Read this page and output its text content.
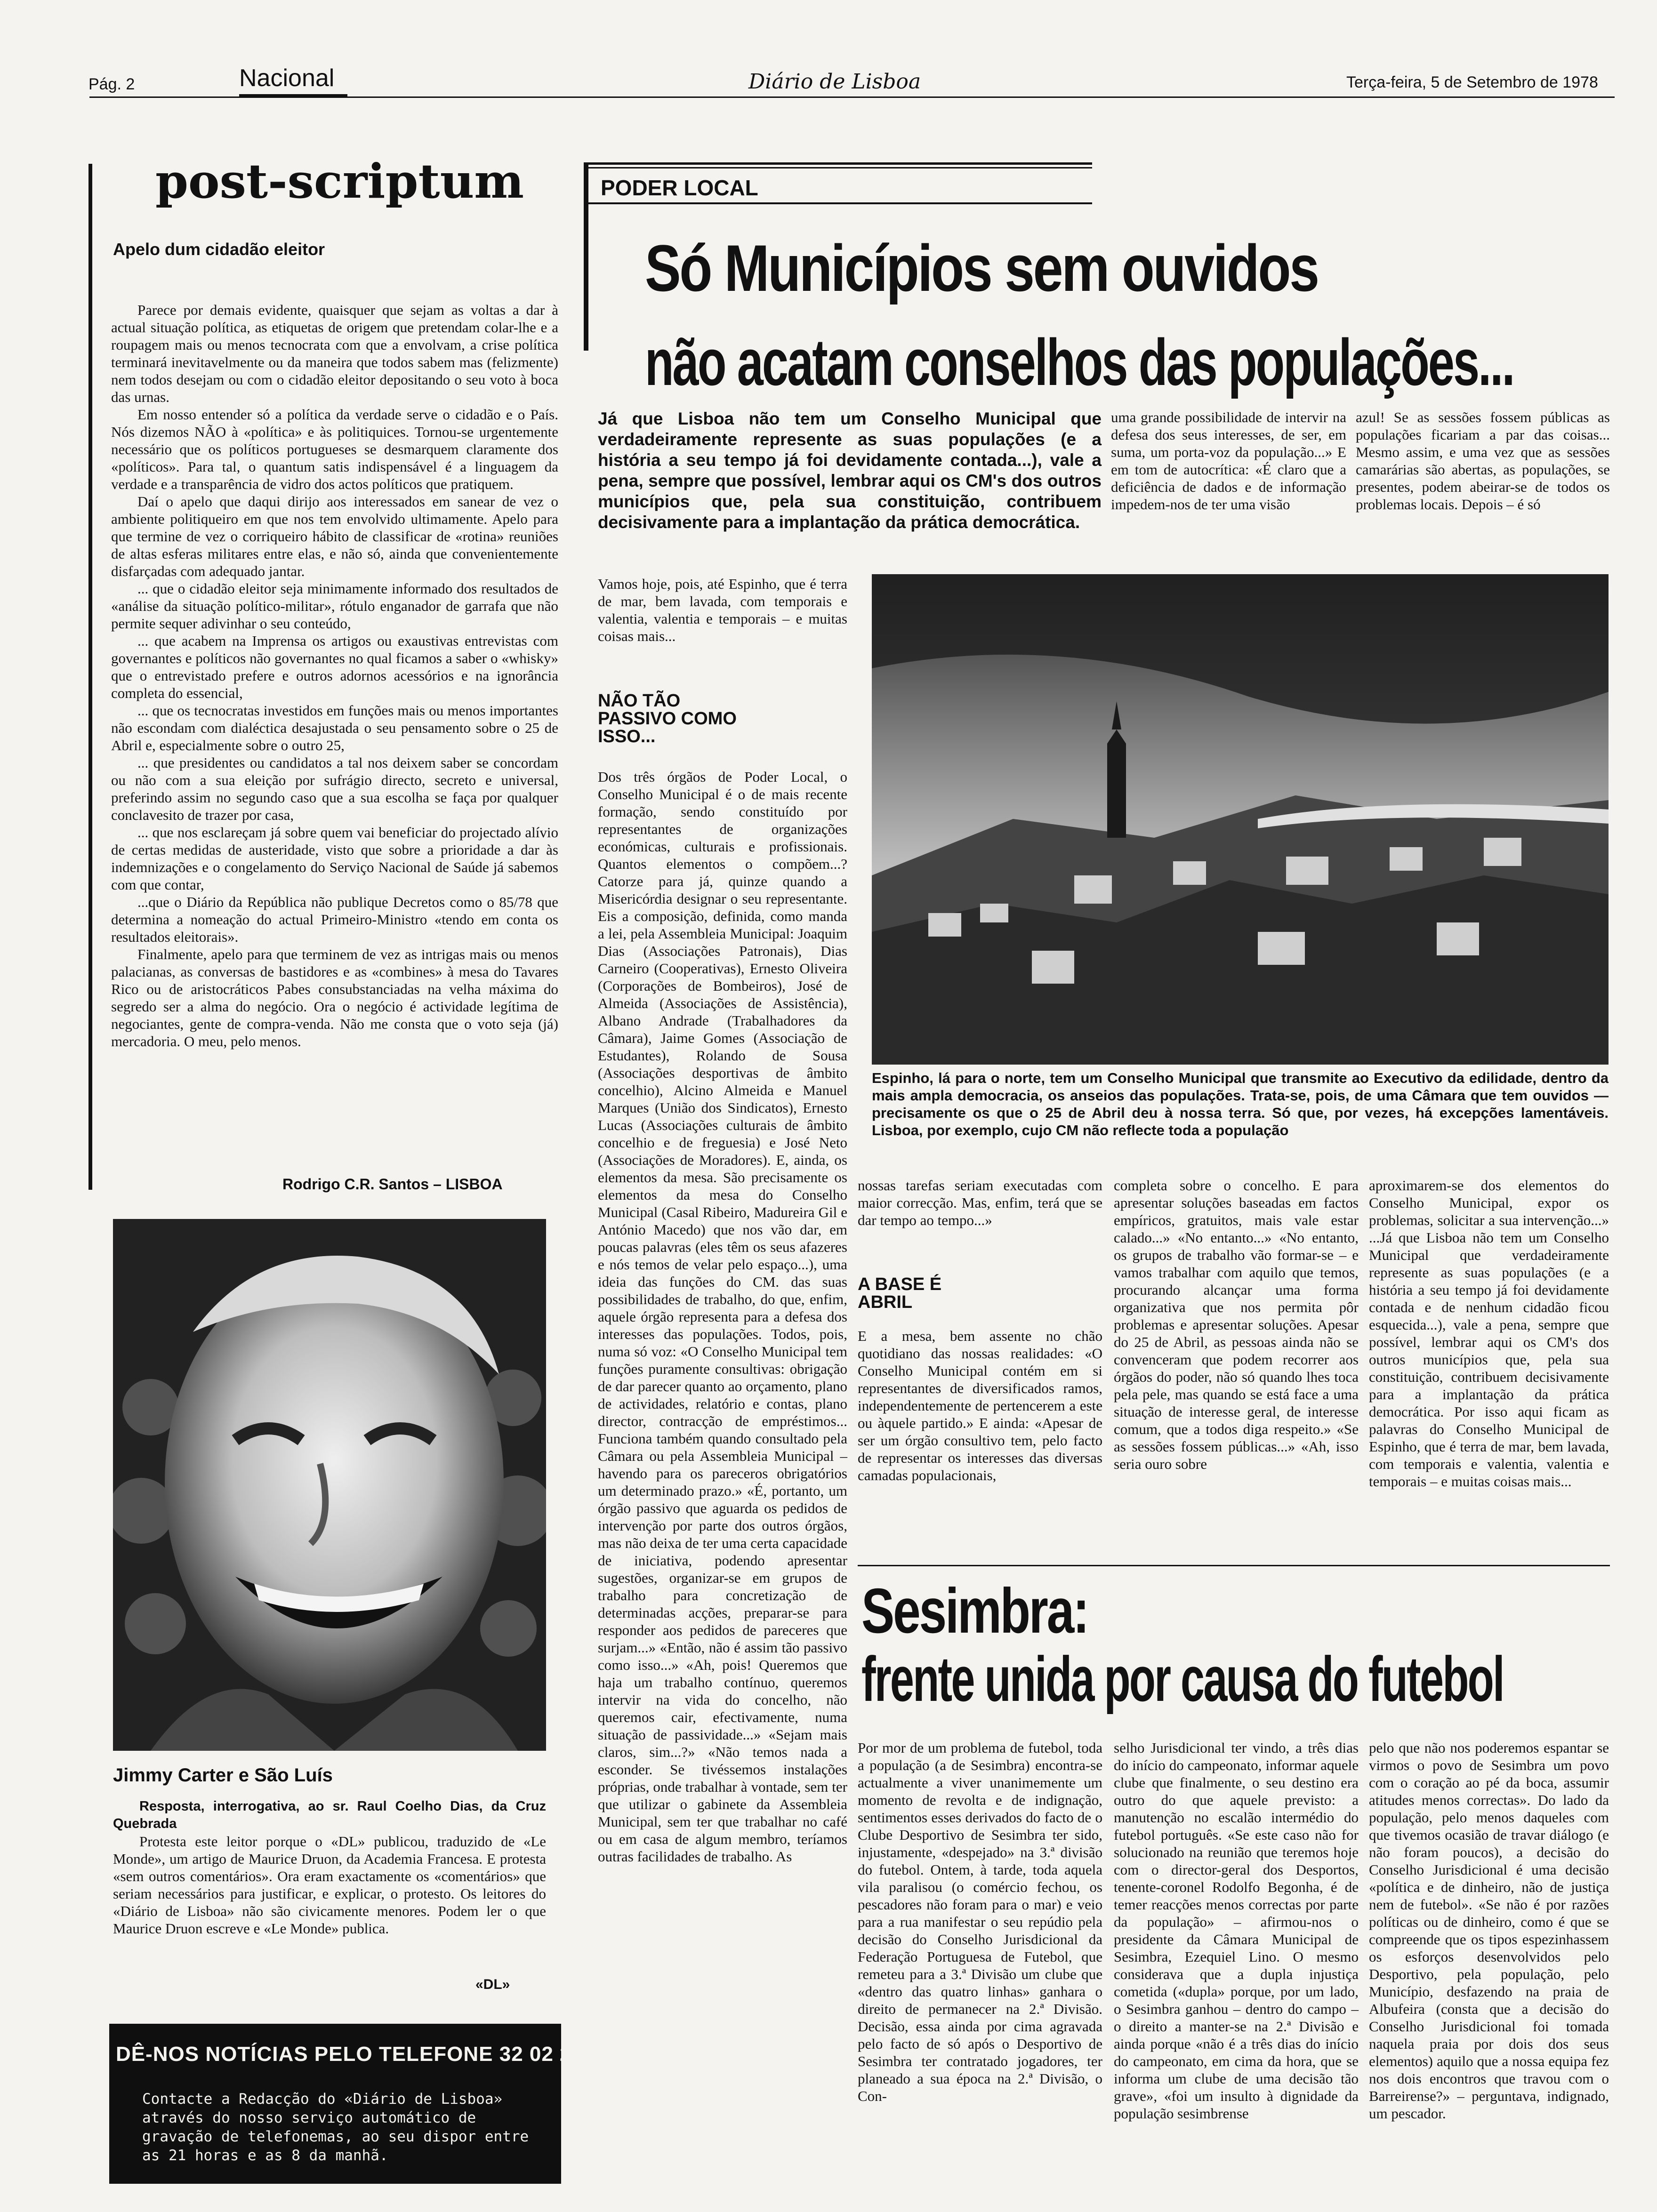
Pág. 2	Nacional	Diário de Lisboa	Terça-feira, 5 de Setembro de 1978
post-scriptum
Apelo dum cidadão eleitor

Parece por demais evidente, quaisquer que sejam as voltas a dar à actual situação política, as etiquetas de origem que pretendam colar-lhe e a roupagem mais ou menos tecnocrata com que a envolvam, a crise política terminará inevitavelmente ou da maneira que todos sabem mas (felizmente) nem todos desejam ou com o cidadão eleitor depositando o seu voto à boca das urnas.

Em nosso entender só a política da verdade serve o cidadão e o País. Nós dizemos NÃO à «política» e às politiquices. Tornou-se urgentemente necessário que os políticos portugueses se desmarquem claramente dos «políticos». Para tal, o quantum satis indispensável é a linguagem da verdade e a transparência de vidro dos actos políticos que pratiquem.

Daí o apelo que daqui dirijo aos interessados em sanear de vez o ambiente politiqueiro em que nos tem envolvido ultimamente. Apelo para que termine de vez o corriqueiro hábito de classificar de «rotina» reuniões de altas esferas militares entre elas, e não só, ainda que convenientemente disfarçadas com adequado jantar.

... que o cidadão eleitor seja minimamente informado dos resultados de «análise da situação político-militar», rótulo enganador de garrafa que não permite sequer adivinhar o seu conteúdo,

... que acabem na Imprensa os artigos ou exaustivas entrevistas com governantes e políticos não governantes no qual ficamos a saber o «whisky» que o entrevistado prefere e outros adornos acessórios e na ignorância completa do essencial,

... que os tecnocratas investidos em funções mais ou menos importantes não escondam com dialéctica desajustada o seu pensamento sobre o 25 de Abril e, especialmente sobre o outro 25,

... que presidentes ou candidatos a tal nos deixem saber se concordam ou não com a sua eleição por sufrágio directo, secreto e universal, preferindo assim no segundo caso que a sua escolha se faça por qualquer conclavesito de trazer por casa,

... que nos esclareçam já sobre quem vai beneficiar do projectado alívio de certas medidas de austeridade, visto que sobre a prioridade a dar às indemnizações e o congelamento do Serviço Nacional de Saúde já sabemos com que contar,

...que o Diário da República não publique Decretos como o 85/78 que determina a nomeação do actual Primeiro-Ministro «tendo em conta os resultados eleitorais».

Finalmente, apelo para que terminem de vez as intrigas mais ou menos palacianas, as conversas de bastidores e as «combines» à mesa do Tavares Rico ou de aristocráticos Pabes consubstanciadas na velha máxima do segredo ser a alma do negócio. Ora o negócio é actividade legítima de negociantes, gente de compra-venda. Não me consta que o voto seja (já) mercadoria. O meu, pelo menos.

Rodrigo C.R. Santos – LISBOA
Jimmy Carter e São Luís

Resposta, interrogativa, ao sr. Raul Coelho Dias, da Cruz Quebrada

Protesta este leitor porque o «DL» publicou, traduzido de «Le Monde», um artigo de Maurice Druon, da Academia Francesa. E protesta «sem outros comentários». Ora eram exactamente os «comentários» que seriam necessários para justificar, e explicar, o protesto. Os leitores do «Diário de Lisboa» não são civicamente menores. Podem ler o que Maurice Druon escreve e «Le Monde» publica.

«DL»
DÊ-NOS NOTÍCIAS PELO TELEFONE 32 02 29
Contacte a Redacção do «Diário de Lisboa» através do nosso serviço automático de gravação de telefonemas, ao seu dispor entre as 21 horas e as 8 da manhã.
PODER LOCAL
Só Municípios sem ouvidos
não acatam conselhos das populações...
Já que Lisboa não tem um Conselho Municipal que verdadeiramente represente as suas populações (e a história a seu tempo já foi devidamente contada...), vale a pena, sempre que possível, lembrar aqui os CM's dos outros municípios que, pela sua constituição, contribuem decisivamente para a implantação da prática democrática.
uma grande possibilidade de intervir na defesa dos seus interesses, de ser, em suma, um porta-voz da população...» E em tom de autocrítica: «É claro que a deficiência de dados e de informação impedem-nos de ter uma visão
azul! Se as sessões fossem públicas as populações ficariam a par das coisas... Mesmo assim, e uma vez que as sessões camarárias são abertas, as populações, se presentes, podem abeirar-se de todos os problemas locais. Depois – é só
Espinho, lá para o norte, tem um Conselho Municipal que transmite ao Executivo da edilidade, dentro da mais ampla democracia, os anseios das populações. Trata-se, pois, de uma Câmara que tem ouvidos — precisamente os que o 25 de Abril deu à nossa terra. Só que, por vezes, há excepções lamentáveis. Lisboa, por exemplo, cujo CM não reflecte toda a população
Vamos hoje, pois, até Espinho, que é terra de mar, bem lavada, com temporais e valentia, valentia e temporais – e muitas coisas mais...
NÃO TÃO PASSIVO COMO ISSO...
Dos três órgãos de Poder Local, o Conselho Municipal é o de mais recente formação, sendo constituído por representantes de organizações económicas, culturais e profissionais. Quantos elementos o compõem...? Catorze para já, quinze quando a Misericórdia designar o seu representante. Eis a composição, definida, como manda a lei, pela Assembleia Municipal: Joaquim Dias (Associações Patronais), Dias Carneiro (Cooperativas), Ernesto Oliveira (Corporações de Bombeiros), José de Almeida (Associações de Assistência), Albano Andrade (Trabalhadores da Câmara), Jaime Gomes (Associação de Estudantes), Rolando de Sousa (Associações desportivas de âmbito concelhio), Alcino Almeida e Manuel Marques (União dos Sindicatos), Ernesto Lucas (Associações culturais de âmbito concelhio e de freguesia) e José Neto (Associações de Moradores). E, ainda, os elementos da mesa. São precisamente os elementos da mesa do Conselho Municipal (Casal Ribeiro, Madureira Gil e António Macedo) que nos vão dar, em poucas palavras (eles têm os seus afazeres e nós temos de velar pelo espaço...), uma ideia das funções do CM. das suas possibilidades de trabalho, do que, enfim, aquele órgão representa para a defesa dos interesses das populações. Todos, pois, numa só voz: «O Conselho Municipal tem funções puramente consultivas: obrigação de dar parecer quanto ao orçamento, plano de actividades, relatório e contas, plano director, contracção de empréstimos... Funciona também quando consultado pela Câmara ou pela Assembleia Municipal – havendo para os pareceros obrigatórios um determinado prazo.» «É, portanto, um órgão passivo que aguarda os pedidos de intervenção por parte dos outros órgãos, mas não deixa de ter uma certa capacidade de iniciativa, podendo apresentar sugestões, organizar-se em grupos de trabalho para concretização de determinadas acções, preparar-se para responder aos pedidos de pareceres que surjam...» «Então, não é assim tão passivo como isso...» «Ah, pois! Queremos que haja um trabalho contínuo, queremos intervir na vida do concelho, não queremos cair, efectivamente, numa situação de passividade...» «Sejam mais claros, sim...?» «Não temos nada a esconder. Se tivéssemos instalações próprias, onde trabalhar à vontade, sem ter que utilizar o gabinete da Assembleia Municipal, sem ter que trabalhar no café ou em casa de algum membro, teríamos outras facilidades de trabalho. As
nossas tarefas seriam executadas com maior correcção. Mas, enfim, terá que se dar tempo ao tempo...»
A BASE É ABRIL
E a mesa, bem assente no chão quotidiano das nossas realidades: «O Conselho Municipal contém em si representantes de diversificados ramos, independentemente de pertencerem a este ou àquele partido.» E ainda: «Apesar de ser um órgão consultivo tem, pelo facto de representar os interesses das diversas camadas populacionais,
completa sobre o concelho. E para apresentar soluções baseadas em factos empíricos, gratuitos, mais vale estar calado...» «No entanto...» «No entanto, os grupos de trabalho vão formar-se – e vamos trabalhar com aquilo que temos, procurando alcançar uma forma organizativa que nos permita pôr problemas e apresentar soluções. Apesar do 25 de Abril, as pessoas ainda não se convenceram que podem recorrer aos órgãos do poder, não só quando lhes toca pela pele, mas quando se está face a uma situação de interesse geral, de interesse comum, que a todos diga respeito.» «Se as sessões fossem públicas...» «Ah, isso seria ouro sobre
aproximarem-se dos elementos do Conselho Municipal, expor os problemas, solicitar a sua intervenção...» ...Já que Lisboa não tem um Conselho Municipal que verdadeiramente represente as suas populações (e a história a seu tempo já foi devidamente contada e de nenhum cidadão ficou esquecida...), vale a pena, sempre que possível, lembrar aqui os CM's dos outros municípios que, pela sua constituição, contribuem decisivamente para a implantação da prática democrática. Por isso aqui ficam as palavras do Conselho Municipal de Espinho, que é terra de mar, bem lavada, com temporais e valentia, valentia e temporais – e muitas coisas mais...
Sesimbra:
frente unida por causa do futebol
Por mor de um problema de futebol, toda a população (a de Sesimbra) encontra-se actualmente a viver unanimemente um momento de revolta e de indignação, sentimentos esses derivados do facto de o Clube Desportivo de Sesimbra ter sido, injustamente, «despejado» na 3.ª divisão do futebol. Ontem, à tarde, toda aquela vila paralisou (o comércio fechou, os pescadores não foram para o mar) e veio para a rua manifestar o seu repúdio pela decisão do Conselho Jurisdicional da Federação Portuguesa de Futebol, que remeteu para a 3.ª Divisão um clube que «dentro das quatro linhas» ganhara o direito de permanecer na 2.ª Divisão. Decisão, essa ainda por cima agravada pelo facto de só após o Desportivo de Sesimbra ter contratado jogadores, ter planeado a sua época na 2.ª Divisão, o Con-
selho Jurisdicional ter vindo, a três dias do início do campeonato, informar aquele clube que finalmente, o seu destino era outro do que aquele previsto: a manutenção no escalão intermédio do futebol português. «Se este caso não for solucionado na reunião que teremos hoje com o director-geral dos Desportos, tenente-coronel Rodolfo Begonha, é de temer reacções menos correctas por parte da população» – afirmou-nos o presidente da Câmara Municipal de Sesimbra, Ezequiel Lino. O mesmo considerava que a dupla injustiça cometida («dupla» porque, por um lado, o Sesimbra ganhou – dentro do campo – o direito a manter-se na 2.ª Divisão e ainda porque «não é a três dias do início do campeonato, em cima da hora, que se informa um clube de uma decisão tão grave», «foi um insulto à dignidade da população sesimbrense
pelo que não nos poderemos espantar se virmos o povo de Sesimbra um povo com o coração ao pé da boca, assumir atitudes menos correctas». Do lado da população, pelo menos daqueles com que tivemos ocasião de travar diálogo (e não foram poucos), a decisão do Conselho Jurisdicional é uma decisão «política e de dinheiro, não de justiça nem de futebol». «Se não é por razões políticas ou de dinheiro, como é que se compreende que os tipos espezinhassem os esforços desenvolvidos pelo Desportivo, pela população, pelo Município, desfazendo na praia de Albufeira (consta que a decisão do Conselho Jurisdicional foi tomada naquela praia por dois dos seus elementos) aquilo que a nossa equipa fez nos dois encontros que travou com o Barreirense?» – perguntava, indignado, um pescador.
